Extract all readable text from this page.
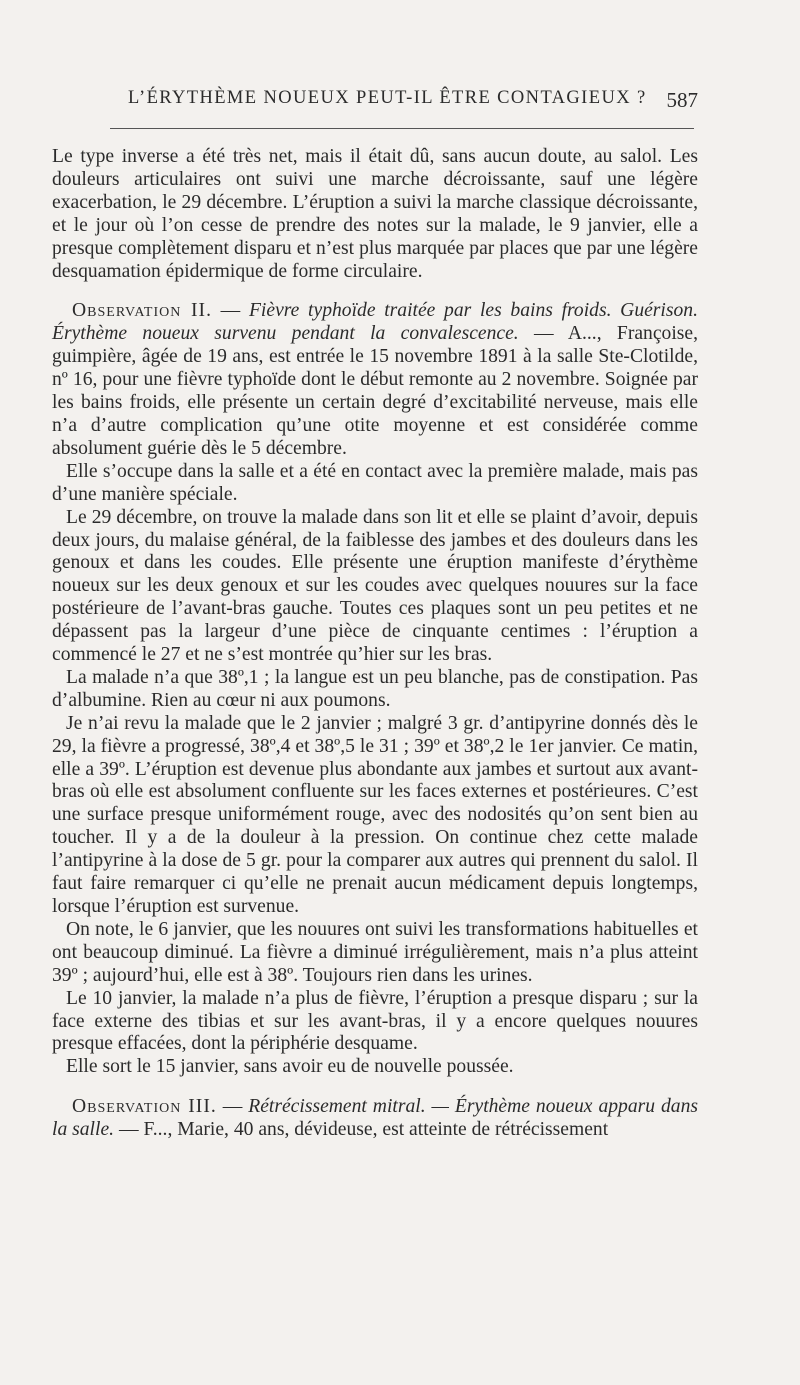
L’ÉRYTHÈME NOUEUX PEUT-IL ÊTRE CONTAGIEUX ? 587

Le type inverse a été très net, mais il était dû, sans aucun doute, au salol. Les douleurs articulaires ont suivi une marche décroissante, sauf une légère exacerbation, le 29 décembre. L’éruption a suivi la marche classique décroissante, et le jour où l’on cesse de prendre des notes sur la malade, le 9 janvier, elle a presque complètement disparu et n’est plus marquée par places que par une légère desquamation épidermique de forme circulaire.

Observation II. — Fièvre typhoïde traitée par les bains froids. Guérison. Érythème noueux survenu pendant la convalescence. — A..., Françoise, guimpière, âgée de 19 ans, est entrée le 15 novembre 1891 à la salle Ste-Clotilde, nº 16, pour une fièvre typhoïde dont le début remonte au 2 novembre. Soignée par les bains froids, elle présente un certain degré d’excitabilité nerveuse, mais elle n’a d’autre complication qu’une otite moyenne et est considérée comme absolument guérie dès le 5 décembre.

Elle s’occupe dans la salle et a été en contact avec la première malade, mais pas d’une manière spéciale.

Le 29 décembre, on trouve la malade dans son lit et elle se plaint d’avoir, depuis deux jours, du malaise général, de la faiblesse des jambes et des douleurs dans les genoux et dans les coudes. Elle présente une éruption manifeste d’érythème noueux sur les deux genoux et sur les coudes avec quelques nouures sur la face postérieure de l’avant-bras gauche. Toutes ces plaques sont un peu petites et ne dépassent pas la largeur d’une pièce de cinquante centimes : l’éruption a commencé le 27 et ne s’est montrée qu’hier sur les bras.

La malade n’a que 38º,1 ; la langue est un peu blanche, pas de constipation. Pas d’albumine. Rien au cœur ni aux poumons.

Je n’ai revu la malade que le 2 janvier ; malgré 3 gr. d’antipyrine donnés dès le 29, la fièvre a progressé, 38º,4 et 38º,5 le 31 ; 39º et 38º,2 le 1er janvier. Ce matin, elle a 39º. L’éruption est devenue plus abondante aux jambes et surtout aux avant-bras où elle est absolument confluente sur les faces externes et postérieures. C’est une surface presque uniformément rouge, avec des nodosités qu’on sent bien au toucher. Il y a de la douleur à la pression. On continue chez cette malade l’antipyrine à la dose de 5 gr. pour la comparer aux autres qui prennent du salol. Il faut faire remarquer ci qu’elle ne prenait aucun médicament depuis longtemps, lorsque l’éruption est survenue.

On note, le 6 janvier, que les nouures ont suivi les transformations habituelles et ont beaucoup diminué. La fièvre a diminué irrégulièrement, mais n’a plus atteint 39º ; aujourd’hui, elle est à 38º. Toujours rien dans les urines.

Le 10 janvier, la malade n’a plus de fièvre, l’éruption a presque disparu ; sur la face externe des tibias et sur les avant-bras, il y a encore quelques nouures presque effacées, dont la périphérie desquame.

Elle sort le 15 janvier, sans avoir eu de nouvelle poussée.

Observation III. — Rétrécissement mitral. — Érythème noueux apparu dans la salle. — F..., Marie, 40 ans, dévideuse, est atteinte de rétrécissement
